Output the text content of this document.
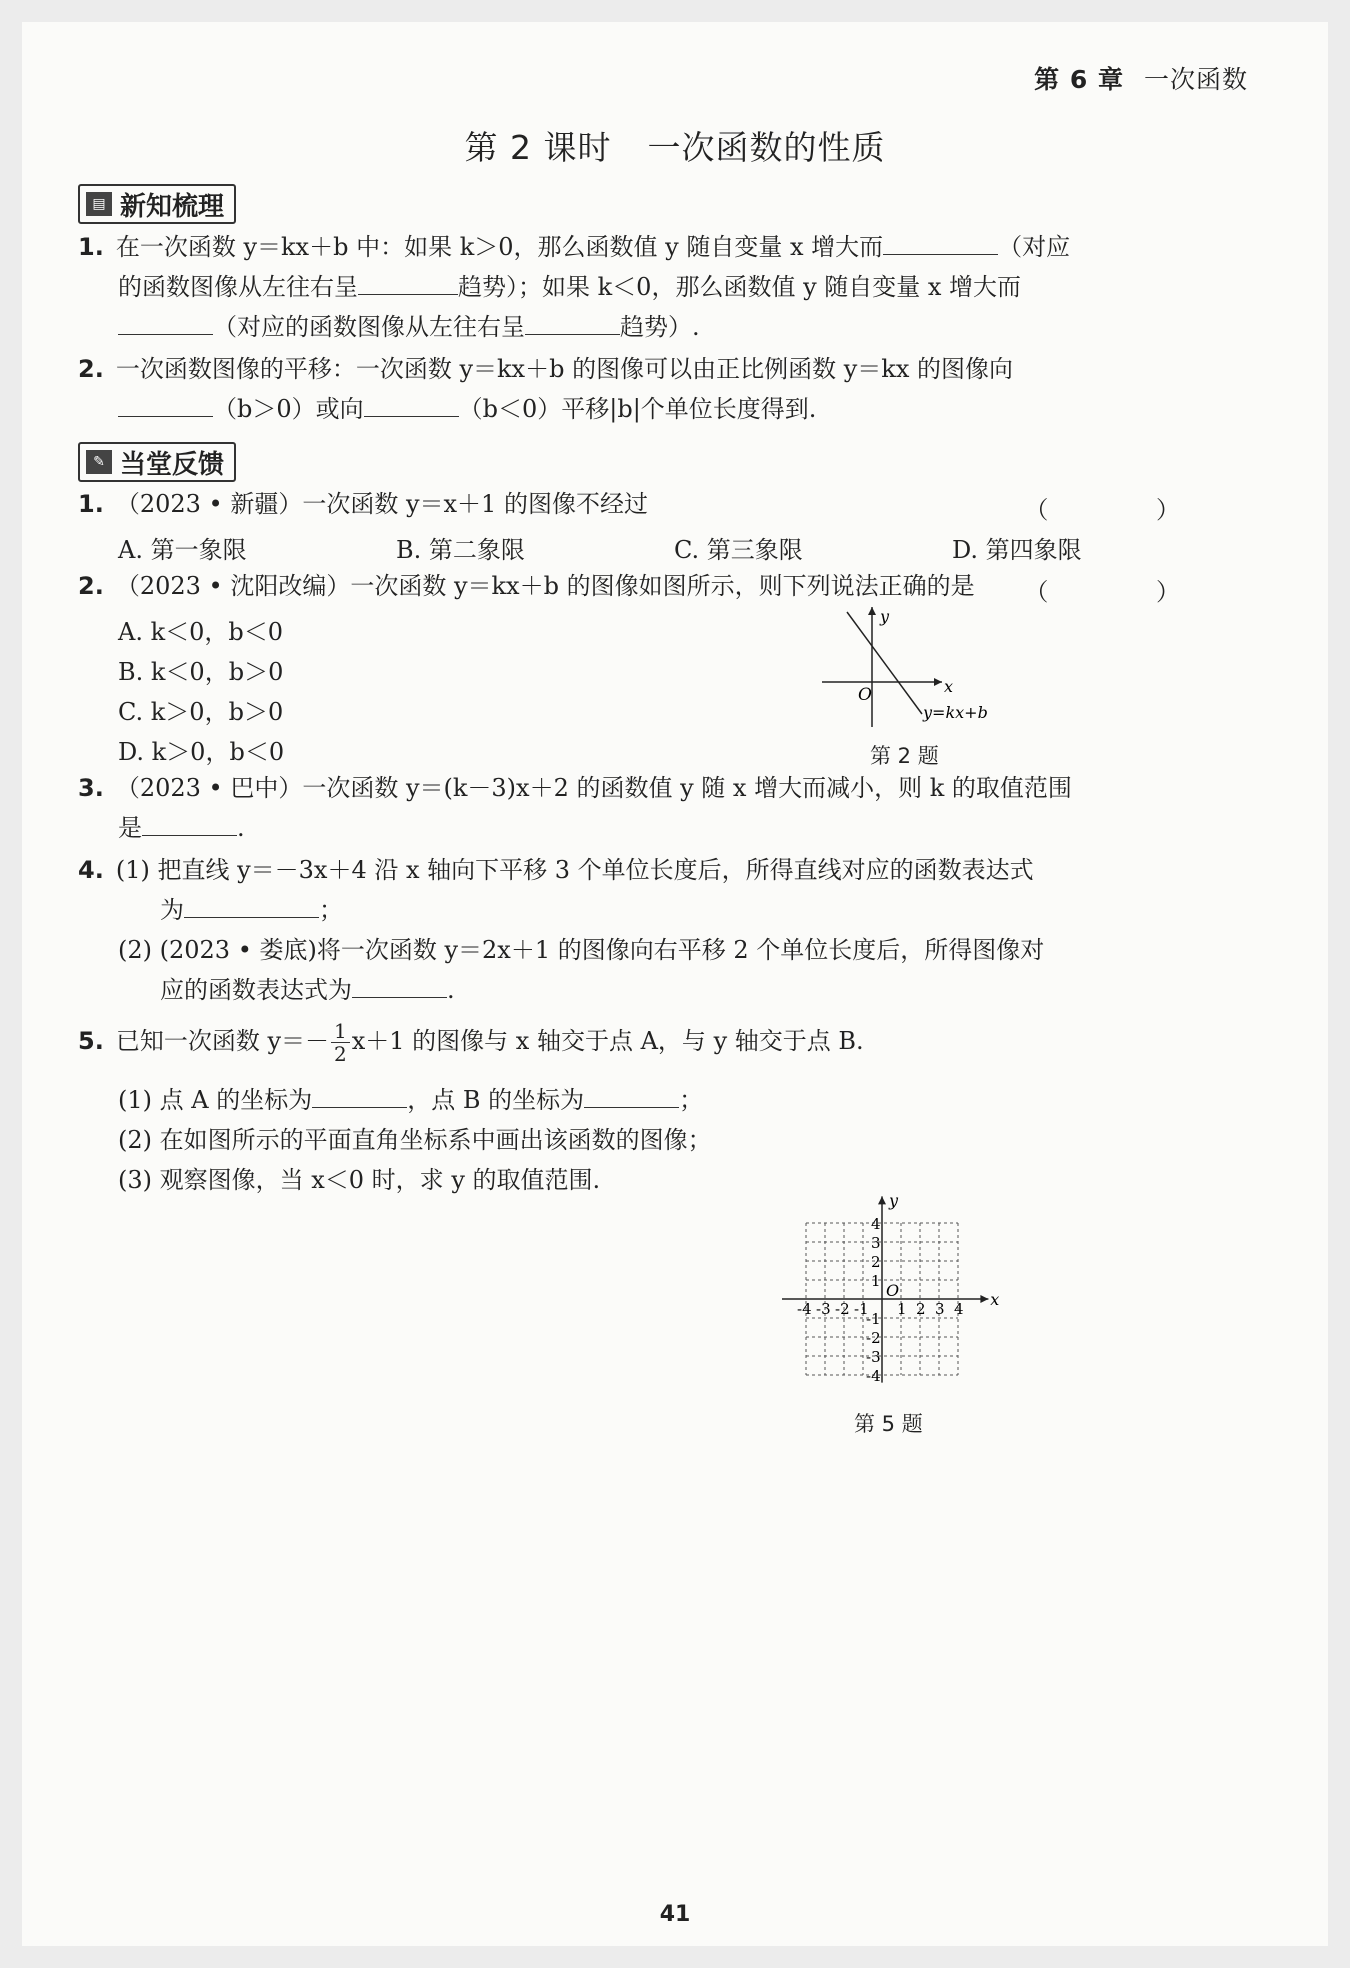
第 6 章 一次函数
第 2 课时 一次函数的性质
▤ 新知梳理
1. 在一次函数 y＝kx＋b 中：如果 k＞0，那么函数值 y 随自变量 x 增大而	（对应
的函数图像从左往右呈	趋势）；如果 k＜0，那么函数值 y 随自变量 x 增大而
（对应的函数图像从左往右呈	趋势）.
2. 一次函数图像的平移：一次函数 y＝kx＋b 的图像可以由正比例函数 y＝kx 的图像向
（b＞0）或向	（b＜0）平移|b|个单位长度得到.
✎ 当堂反馈
1. （2023 • 新疆）一次函数 y＝x＋1 的图像不经过	（ ）
A. 第一象限	B. 第二象限	C. 第三象限	D. 第四象限
2. （2023 • 沈阳改编）一次函数 y＝kx＋b 的图像如图所示，则下列说法正确的是 （ ）
A. k＜0，b＜0
B. k＜0，b＞0
C. k＞0，b＞0
D. k＞0，b＜0
y
x
O
y=kx+b
第 2 题
3. （2023 • 巴中）一次函数 y＝(k－3)x＋2 的函数值 y 随 x 增大而减小，则 k 的取值范围
是	.
4. (1) 把直线 y＝－3x＋4 沿 x 轴向下平移 3 个单位长度后，所得直线对应的函数表达式
为	；
(2) (2023 • 娄底)将一次函数 y＝2x＋1 的图像向右平移 2 个单位长度后，所得图像对
应的函数表达式为	.
5. 已知一次函数 $y=- \frac{1}{2} x+1$ 的图像与 x 轴交于点 A，与 y 轴交于点 B.
(1) 点 A 的坐标为	，点 B 的坐标为	；
(2) 在如图所示的平面直角坐标系中画出该函数的图像；
(3) 观察图像，当 x＜0 时，求 y 的取值范围.
-4 -3 -2 -1 1 2 3 4
4
3
2
1
-1
-2
-3
-4
O	x
y
第 5 题
41
